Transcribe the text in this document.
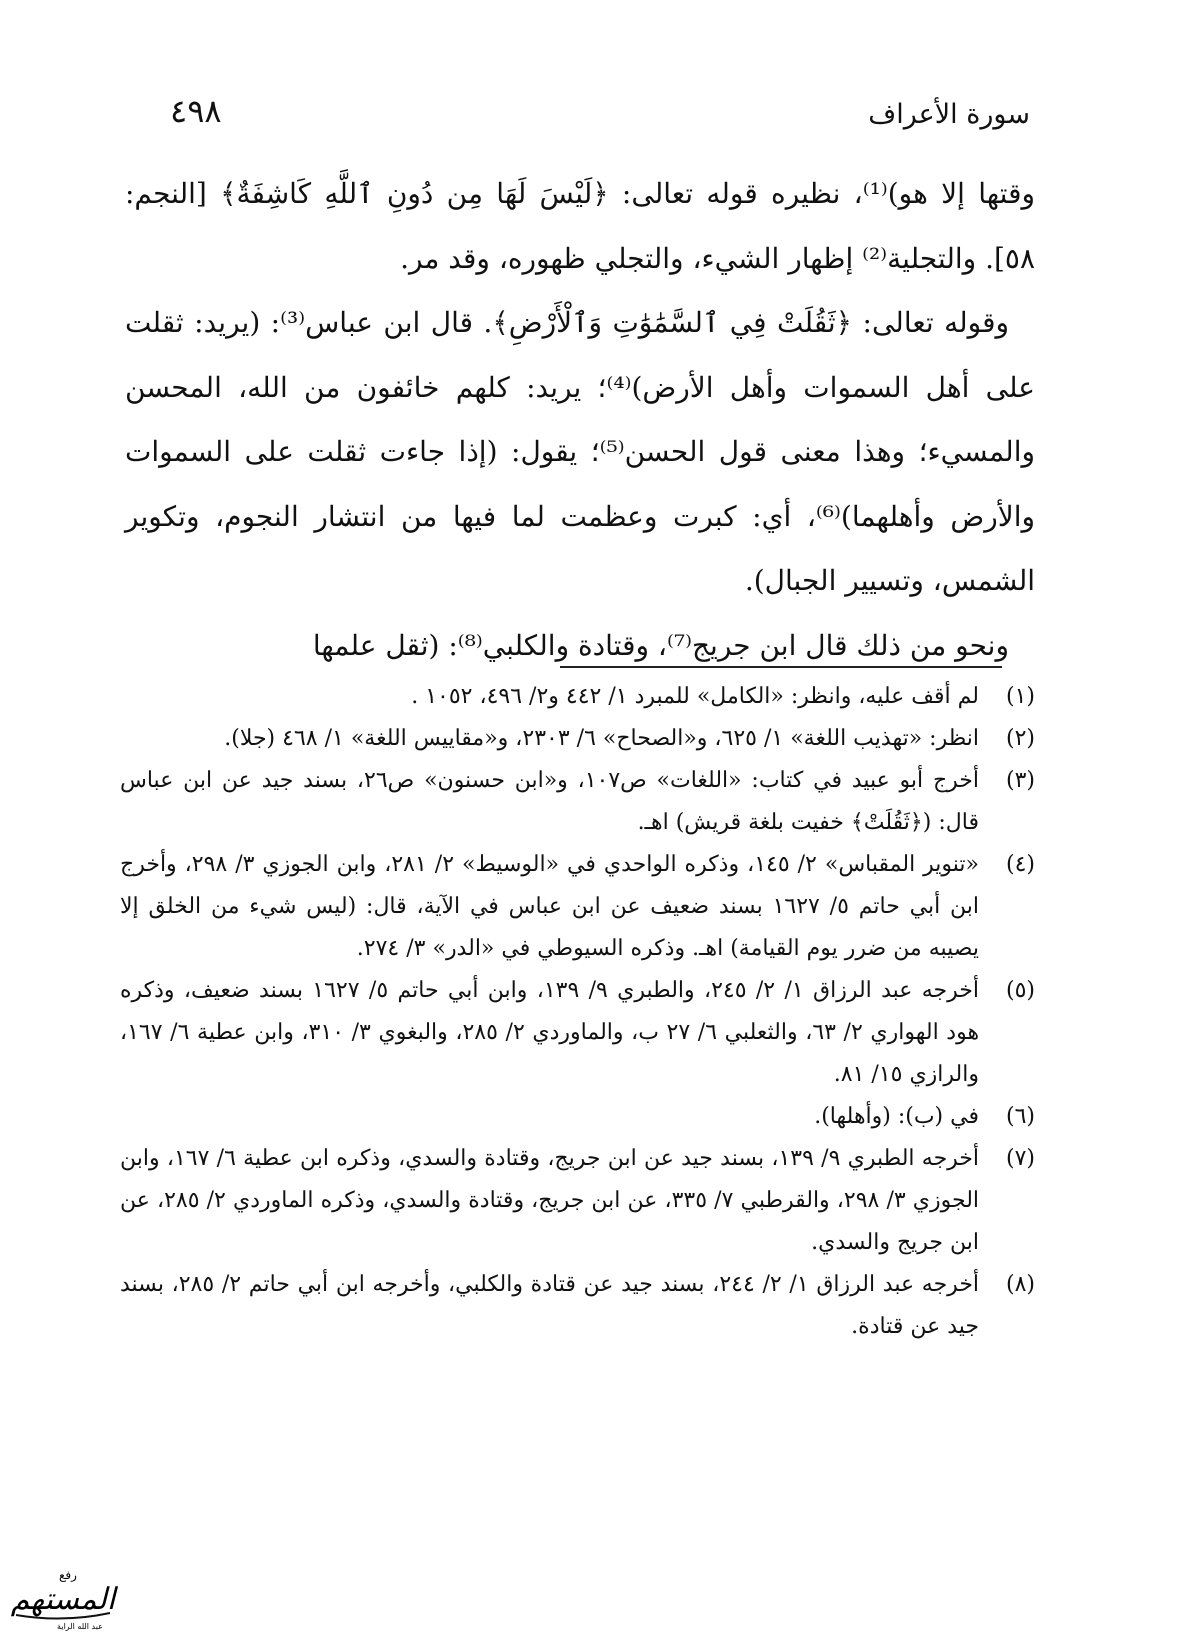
٤٩٨	سورة الأعراف

وقتها إلا هو)⁽¹⁾، نظيره قوله تعالى: ﴿لَيْسَ لَهَا مِن دُونِ ٱللَّهِ كَاشِفَةٌ﴾ [النجم: ٥٨]. والتجلية⁽²⁾ إظهار الشيء، والتجلي ظهوره، وقد مر.

وقوله تعالى: ﴿ثَقُلَتْ فِي ٱلسَّمَٰوَٰتِ وَٱلْأَرْضِ﴾. قال ابن عباس⁽³⁾: (يريد: ثقلت على أهل السموات وأهل الأرض)⁽⁴⁾؛ يريد: كلهم خائفون من الله، المحسن والمسيء؛ وهذا معنى قول الحسن⁽⁵⁾؛ يقول: (إذا جاءت ثقلت على السموات والأرض وأهلهما)⁽⁶⁾، أي: كبرت وعظمت لما فيها من انتشار النجوم، وتكوير الشمس، وتسيير الجبال).

ونحو من ذلك قال ابن جريج⁽⁷⁾، وقتادة والكلبي⁽⁸⁾: (ثقل علمها

(١)
لم أقف عليه، وانظر: «الكامل» للمبرد ١/ ٤٤٢ و٢/ ٤٩٦، ١٠٥٢ .
(٢)
انظر: «تهذيب اللغة» ١/ ٦٢٥، و«الصحاح» ٦/ ٢٣٠٣، و«مقاييس اللغة» ١/ ٤٦٨ (جلا).
(٣)
أخرج أبو عبيد في كتاب: «اللغات» ص١٠٧، و«ابن حسنون» ص٢٦، بسند جيد عن ابن عباس قال: (﴿ثَقُلَتْ﴾ خفيت بلغة قريش) اهـ.
(٤)
«تنوير المقباس» ٢/ ١٤٥، وذكره الواحدي في «الوسيط» ٢/ ٢٨١، وابن الجوزي ٣/ ٢٩٨، وأخرج ابن أبي حاتم ٥/ ١٦٢٧ بسند ضعيف عن ابن عباس في الآية، قال: (ليس شيء من الخلق إلا يصيبه من ضرر يوم القيامة) اهـ. وذكره السيوطي في «الدر» ٣/ ٢٧٤.
(٥)
أخرجه عبد الرزاق ١/ ٢/ ٢٤٥، والطبري ٩/ ١٣٩، وابن أبي حاتم ٥/ ١٦٢٧ بسند ضعيف، وذكره هود الهواري ٢/ ٦٣، والثعلبي ٦/ ٢٧ ب، والماوردي ٢/ ٢٨٥، والبغوي ٣/ ٣١٠، وابن عطية ٦/ ١٦٧، والرازي ١٥/ ٨١.
(٦)
في (ب): (وأهلها).
(٧)
أخرجه الطبري ٩/ ١٣٩، بسند جيد عن ابن جريج، وقتادة والسدي، وذكره ابن عطية ٦/ ١٦٧، وابن الجوزي ٣/ ٢٩٨، والقرطبي ٧/ ٣٣٥، عن ابن جريج، وقتادة والسدي، وذكره الماوردي ٢/ ٢٨٥، عن ابن جريج والسدي.
(٨)
أخرجه عبد الرزاق ١/ ٢/ ٢٤٤، بسند جيد عن قتادة والكلبي، وأخرجه ابن أبي حاتم ٢/ ٢٨٥، بسند جيد عن قتادة.
رفع
المستهم
عبد الله الراية
